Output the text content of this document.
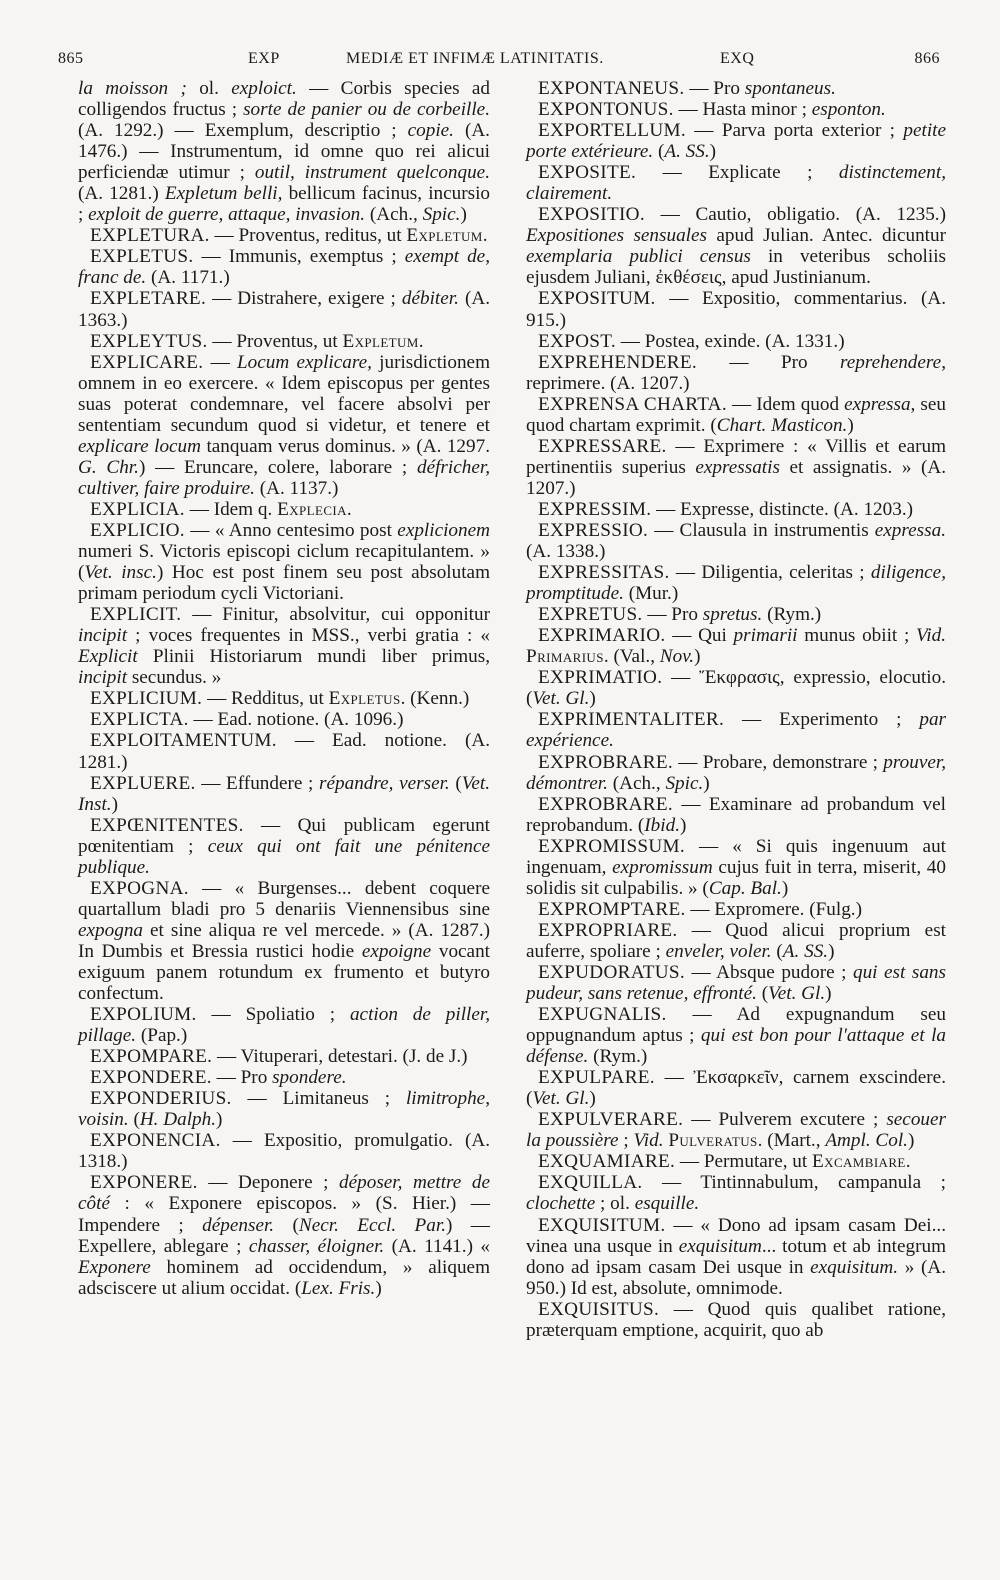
865	EXP	MEDIÆ ET INFIMÆ LATINITATIS.	EXQ	866

la moisson ; ol. exploict. — Corbis species ad colligendos fructus ; sorte de panier ou de corbeille. (A. 1292.) — Exemplum, descriptio ; copie. (A. 1476.) — Instrumentum, id omne quo rei alicui perficiendæ utimur ; outil, instrument quelconque. (A. 1281.) Expletum belli, bellicum facinus, incursio ; exploit de guerre, attaque, invasion. (Ach., Spic.)

EXPLETURA. — Proventus, reditus, ut Expletum.

EXPLETUS. — Immunis, exemptus ; exempt de, franc de. (A. 1171.)

EXPLETARE. — Distrahere, exigere ; débiter. (A. 1363.)

EXPLEYTUS. — Proventus, ut Expletum.

EXPLICARE. — Locum explicare, jurisdictionem omnem in eo exercere. « Idem episcopus per gentes suas poterat condemnare, vel facere absolvi per sententiam secundum quod si videtur, et tenere et explicare locum tanquam verus dominus. » (A. 1297. G. Chr.) — Eruncare, colere, laborare ; défricher, cultiver, faire produire. (A. 1137.)

EXPLICIA. — Idem q. Explecia.

EXPLICIO. — « Anno centesimo post explicionem numeri S. Victoris episcopi ciclum recapitulantem. » (Vet. insc.) Hoc est post finem seu post absolutam primam periodum cycli Victoriani.

EXPLICIT. — Finitur, absolvitur, cui opponitur incipit ; voces frequentes in MSS., verbi gratia : « Explicit Plinii Historiarum mundi liber primus, incipit secundus. »

EXPLICIUM. — Redditus, ut Expletus. (Kenn.)

EXPLICTA. — Ead. notione. (A. 1096.)

EXPLOITAMENTUM. — Ead. notione. (A. 1281.)

EXPLUERE. — Effundere ; répandre, verser. (Vet. Inst.)

EXPŒNITENTES. — Qui publicam egerunt pœnitentiam ; ceux qui ont fait une pénitence publique.

EXPOGNA. — « Burgenses... debent coquere quartallum bladi pro 5 denariis Viennensibus sine expogna et sine aliqua re vel mercede. » (A. 1287.) In Dumbis et Bressia rustici hodie expoigne vocant exiguum panem rotundum ex frumento et butyro confectum.

EXPOLIUM. — Spoliatio ; action de piller, pillage. (Pap.)

EXPOMPARE. — Vituperari, detestari. (J. de J.)

EXPONDERE. — Pro spondere.

EXPONDERIUS. — Limitaneus ; limitrophe, voisin. (H. Dalph.)

EXPONENCIA. — Expositio, promulgatio. (A. 1318.)

EXPONERE. — Deponere ; déposer, mettre de côté : « Exponere episcopos. » (S. Hier.) — Impendere ; dépenser. (Necr. Eccl. Par.) — Expellere, ablegare ; chasser, éloigner. (A. 1141.) « Exponere hominem ad occidendum, » aliquem adsciscere ut alium occidat. (Lex. Fris.)

EXPONTANEUS. — Pro spontaneus.

EXPONTONUS. — Hasta minor ; esponton.

EXPORTELLUM. — Parva porta exterior ; petite porte extérieure. (A. SS.)

EXPOSITE. — Explicate ; distinctement, clairement.

EXPOSITIO. — Cautio, obligatio. (A. 1235.) Expositiones sensuales apud Julian. Antec. dicuntur exemplaria publici census in veteribus scholiis ejusdem Juliani, ἐκθέσεις, apud Justinianum.

EXPOSITUM. — Expositio, commentarius. (A. 915.)

EXPOST. — Postea, exinde. (A. 1331.)

EXPREHENDERE. — Pro reprehendere, reprimere. (A. 1207.)

EXPRENSA CHARTA. — Idem quod expressa, seu quod chartam exprimit. (Chart. Masticon.)

EXPRESSARE. — Exprimere : « Villis et earum pertinentiis superius expressatis et assignatis. » (A. 1207.)

EXPRESSIM. — Expresse, distincte. (A. 1203.)

EXPRESSIO. — Clausula in instrumentis expressa. (A. 1338.)

EXPRESSITAS. — Diligentia, celeritas ; diligence, promptitude. (Mur.)

EXPRETUS. — Pro spretus. (Rym.)

EXPRIMARIO. — Qui primarii munus obiit ; Vid. Primarius. (Val., Nov.)

EXPRIMATIO. — Ἔκφρασις, expressio, elocutio. (Vet. Gl.)

EXPRIMENTALITER. — Experimento ; par expérience.

EXPROBRARE. — Probare, demonstrare ; prouver, démontrer. (Ach., Spic.)

EXPROBRARE. — Examinare ad probandum vel reprobandum. (Ibid.)

EXPROMISSUM. — « Si quis ingenuum aut ingenuam, expromissum cujus fuit in terra, miserit, 40 solidis sit culpabilis. » (Cap. Bal.)

EXPROMPTARE. — Expromere. (Fulg.)

EXPROPRIARE. — Quod alicui proprium est auferre, spoliare ; enveler, voler. (A. SS.)

EXPUDORATUS. — Absque pudore ; qui est sans pudeur, sans retenue, effronté. (Vet. Gl.)

EXPUGNALIS. — Ad expugnandum seu oppugnandum aptus ; qui est bon pour l'attaque et la défense. (Rym.)

EXPULPARE. — Ἐκσαρκεῖν, carnem exscindere. (Vet. Gl.)

EXPULVERARE. — Pulverem excutere ; secouer la poussière ; Vid. Pulveratus. (Mart., Ampl. Col.)

EXQUAMIARE. — Permutare, ut Excambiare.

EXQUILLA. — Tintinnabulum, campanula ; clochette ; ol. esquille.

EXQUISITUM. — « Dono ad ipsam casam Dei... vinea una usque in exquisitum... totum et ab integrum dono ad ipsam casam Dei usque in exquisitum. » (A. 950.) Id est, absolute, omnimode.

EXQUISITUS. — Quod quis qualibet ratione, præterquam emptione, acquirit, quo ab
